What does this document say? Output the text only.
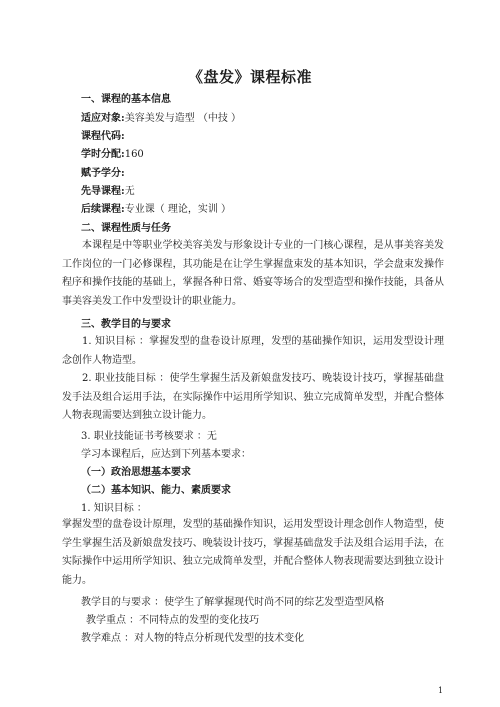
《盘发》课程标准
一、课程的基本信息
适应对象:美容美发与造型 （中技 ）
课程代码:
学时分配:160
赋予学分:
先导课程:无
后续课程:专业课（ 理论，实训 ）
二、课程性质与任务
本课程是中等职业学校美容美发与形象设计专业的一门核心课程，是从事美容美发工作岗位的一门必修课程，其功能是在让学生掌握盘束发的基本知识，学会盘束发操作程序和操作技能的基础上，掌握各种日常、婚宴等场合的发型造型和操作技能，具备从事美容美发工作中发型设计的职业能力。
三、教学目的与要求
1. 知识目标 ：掌握发型的盘卷设计原理，发型的基础操作知识，运用发型设计理念创作人物造型。
2. 职业技能目标 ：使学生掌握生活及新娘盘发技巧、晚装设计技巧，掌握基础盘发手法及组合运用手法，在实际操作中运用所学知识、独立完成简单发型，并配合整体人物表现需要达到独立设计能力。
3. 职业技能证书考核要求 ：无
学习本课程后，应达到下列基本要求：
（一）政治思想基本要求
（二）基本知识、能力、素质要求
1. 知识目标 ：
掌握发型的盘卷设计原理，发型的基础操作知识，运用发型设计理念创作人物造型，使学生掌握生活及新娘盘发技巧、晚装设计技巧，掌握基础盘发手法及组合运用手法，在实际操作中运用所学知识、独立完成简单发型，并配合整体人物表现需要达到独立设计能力。
教学目的与要求 ：使学生了解掌握现代时尚不同的综艺发型造型风格
教学重点 ：不同特点的发型的变化技巧
教学难点 ：对人物的特点分析现代发型的技术变化
1
